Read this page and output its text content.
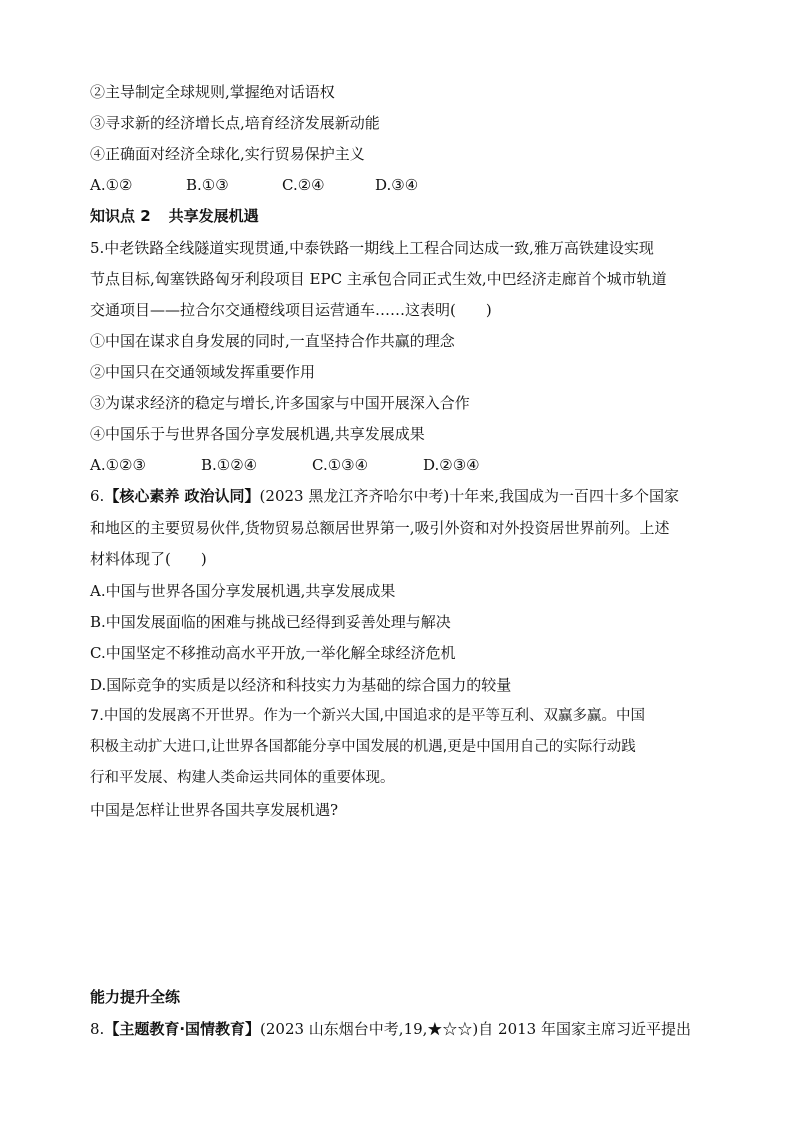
②主导制定全球规则,掌握绝对话语权
③寻求新的经济增长点,培育经济发展新动能
④正确面对经济全球化,实行贸易保护主义
A.①②	B.①③	C.②④	D.③④
知识点 2 共享发展机遇
5.中老铁路全线隧道实现贯通,中泰铁路一期线上工程合同达成一致,雅万高铁建设实现
节点目标,匈塞铁路匈牙利段项目 EPC 主承包合同正式生效,中巴经济走廊首个城市轨道
交通项目——拉合尔交通橙线项目运营通车……这表明(　　)
①中国在谋求自身发展的同时,一直坚持合作共赢的理念
②中国只在交通领域发挥重要作用
③为谋求经济的稳定与增长,许多国家与中国开展深入合作
④中国乐于与世界各国分享发展机遇,共享发展成果
A.①②③	B.①②④	C.①③④	D.②③④
6.【核心素养 政治认同】(2023 黑龙江齐齐哈尔中考)十年来,我国成为一百四十多个国家
和地区的主要贸易伙伴,货物贸易总额居世界第一,吸引外资和对外投资居世界前列。上述
材料体现了(　　)
A.中国与世界各国分享发展机遇,共享发展成果
B.中国发展面临的困难与挑战已经得到妥善处理与解决
C.中国坚定不移推动高水平开放,一举化解全球经济危机
D.国际竞争的实质是以经济和科技实力为基础的综合国力的较量
7.中国的发展离不开世界。作为一个新兴大国,中国追求的是平等互利、双赢多赢。中国
积极主动扩大进口,让世界各国都能分享中国发展的机遇,更是中国用自己的实际行动践
行和平发展、构建人类命运共同体的重要体现。
中国是怎样让世界各国共享发展机遇?
能力提升全练
8.【主题教育·国情教育】(2023 山东烟台中考,19,★☆☆)自 2013 年国家主席习近平提出
